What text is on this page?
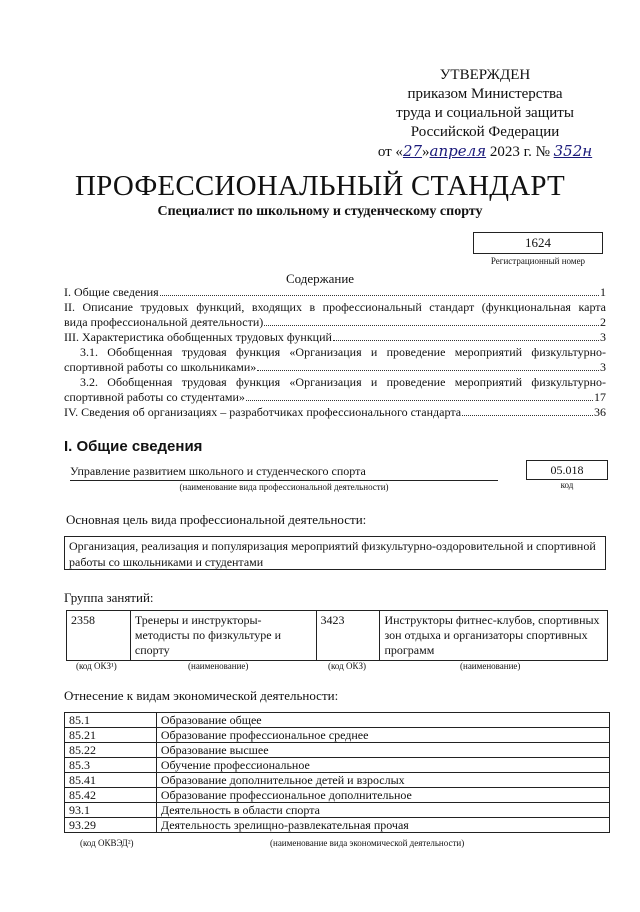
УТВЕРЖДЕН
приказом Министерства
труда и социальной защиты
Российской Федерации
от «27»апреля 2023 г. № 352н
ПРОФЕССИОНАЛЬНЫЙ СТАНДАРТ
Специалист по школьному и студенческому спорту
1624
Регистрационный номер
Содержание
I. Общие сведения	1
II. Описание трудовых функций, входящих в профессиональный стандарт (функциональная карта
вида профессиональной деятельности)	2
III. Характеристика обобщенных трудовых функций	3
3.1. Обобщенная трудовая функция «Организация и проведение мероприятий физкультурно-
спортивной работы со школьниками»	3
3.2. Обобщенная трудовая функция «Организация и проведение мероприятий физкультурно-
спортивной работы со студентами»	17
IV. Сведения об организациях – разработчиках профессионального стандарта	36
I. Общие сведения
Управление развитием школьного и студенческого спорта
(наименование вида профессиональной деятельности)
05.018
код
Основная цель вида профессиональной деятельности:
Организация, реализация и популяризация мероприятий физкультурно-оздоровительной и спортивной работы со школьниками и студентами
Группа занятий:
2358	Тренеры и инструкторы-методисты по физкультуре и спорту	3423	Инструкторы фитнес-клубов, спортивных зон отдыха и организаторы спортивных программ
(код ОКЗ¹)	(наименование)	(код ОКЗ)	(наименование)
Отнесение к видам экономической деятельности:
85.1	Образование общее
85.21	Образование профессиональное среднее
85.22	Образование высшее
85.3	Обучение профессиональное
85.41	Образование дополнительное детей и взрослых
85.42	Образование профессиональное дополнительное
93.1	Деятельность в области спорта
93.29	Деятельность зрелищно-развлекательная прочая
(код ОКВЭД²)	(наименование вида экономической деятельности)
